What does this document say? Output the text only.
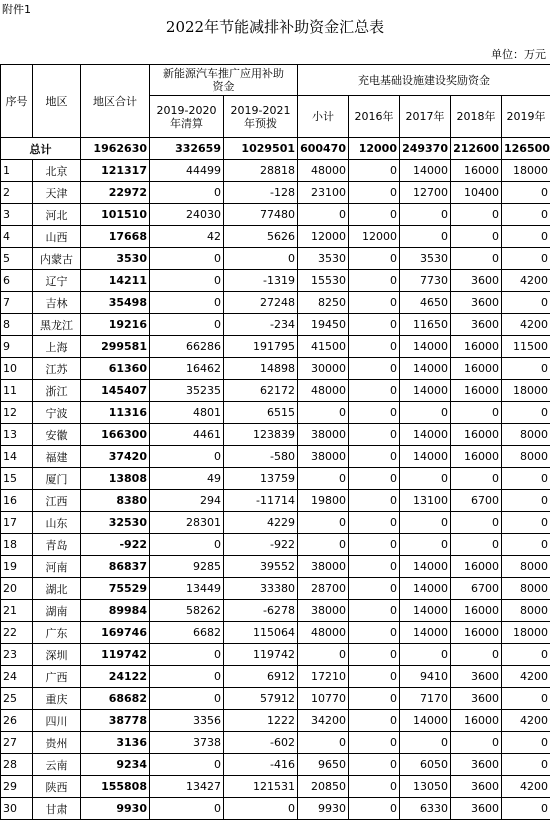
附件1
2022年节能减排补助资金汇总表
单位：万元
序号	地区	地区合计	新能源汽车推广应用补助资金		充电基础设施建设奖励资金				
			2019-2020年清算	2019-2021年预拨	小计	2016年	2017年	2018年	2019年

总计		1962630	332659	1029501	600470	12000	249370	212600	126500
1	北京	121317	44499	28818	48000	0	14000	16000	18000
2	天津	22972	0	-128	23100	0	12700	10400	0
3	河北	101510	24030	77480	0	0	0	0	0
4	山西	17668	42	5626	12000	12000	0	0	0
5	内蒙古	3530	0	0	3530	0	3530	0	0
6	辽宁	14211	0	-1319	15530	0	7730	3600	4200
7	吉林	35498	0	27248	8250	0	4650	3600	0
8	黑龙江	19216	0	-234	19450	0	11650	3600	4200
9	上海	299581	66286	191795	41500	0	14000	16000	11500
10	江苏	61360	16462	14898	30000	0	14000	16000	0
11	浙江	145407	35235	62172	48000	0	14000	16000	18000
12	宁波	11316	4801	6515	0	0	0	0	0
13	安徽	166300	4461	123839	38000	0	14000	16000	8000
14	福建	37420	0	-580	38000	0	14000	16000	8000
15	厦门	13808	49	13759	0	0	0	0	0
16	江西	8380	294	-11714	19800	0	13100	6700	0
17	山东	32530	28301	4229	0	0	0	0	0
18	青岛	-922	0	-922	0	0	0	0	0
19	河南	86837	9285	39552	38000	0	14000	16000	8000
20	湖北	75529	13449	33380	28700	0	14000	6700	8000
21	湖南	89984	58262	-6278	38000	0	14000	16000	8000
22	广东	169746	6682	115064	48000	0	14000	16000	18000
23	深圳	119742	0	119742	0	0	0	0	0
24	广西	24122	0	6912	17210	0	9410	3600	4200
25	重庆	68682	0	57912	10770	0	7170	3600	0
26	四川	38778	3356	1222	34200	0	14000	16000	4200
27	贵州	3136	3738	-602	0	0	0	0	0
28	云南	9234	0	-416	9650	0	6050	3600	0
29	陕西	155808	13427	121531	20850	0	13050	3600	4200
30	甘肃	9930	0	0	9930	0	6330	3600	0
